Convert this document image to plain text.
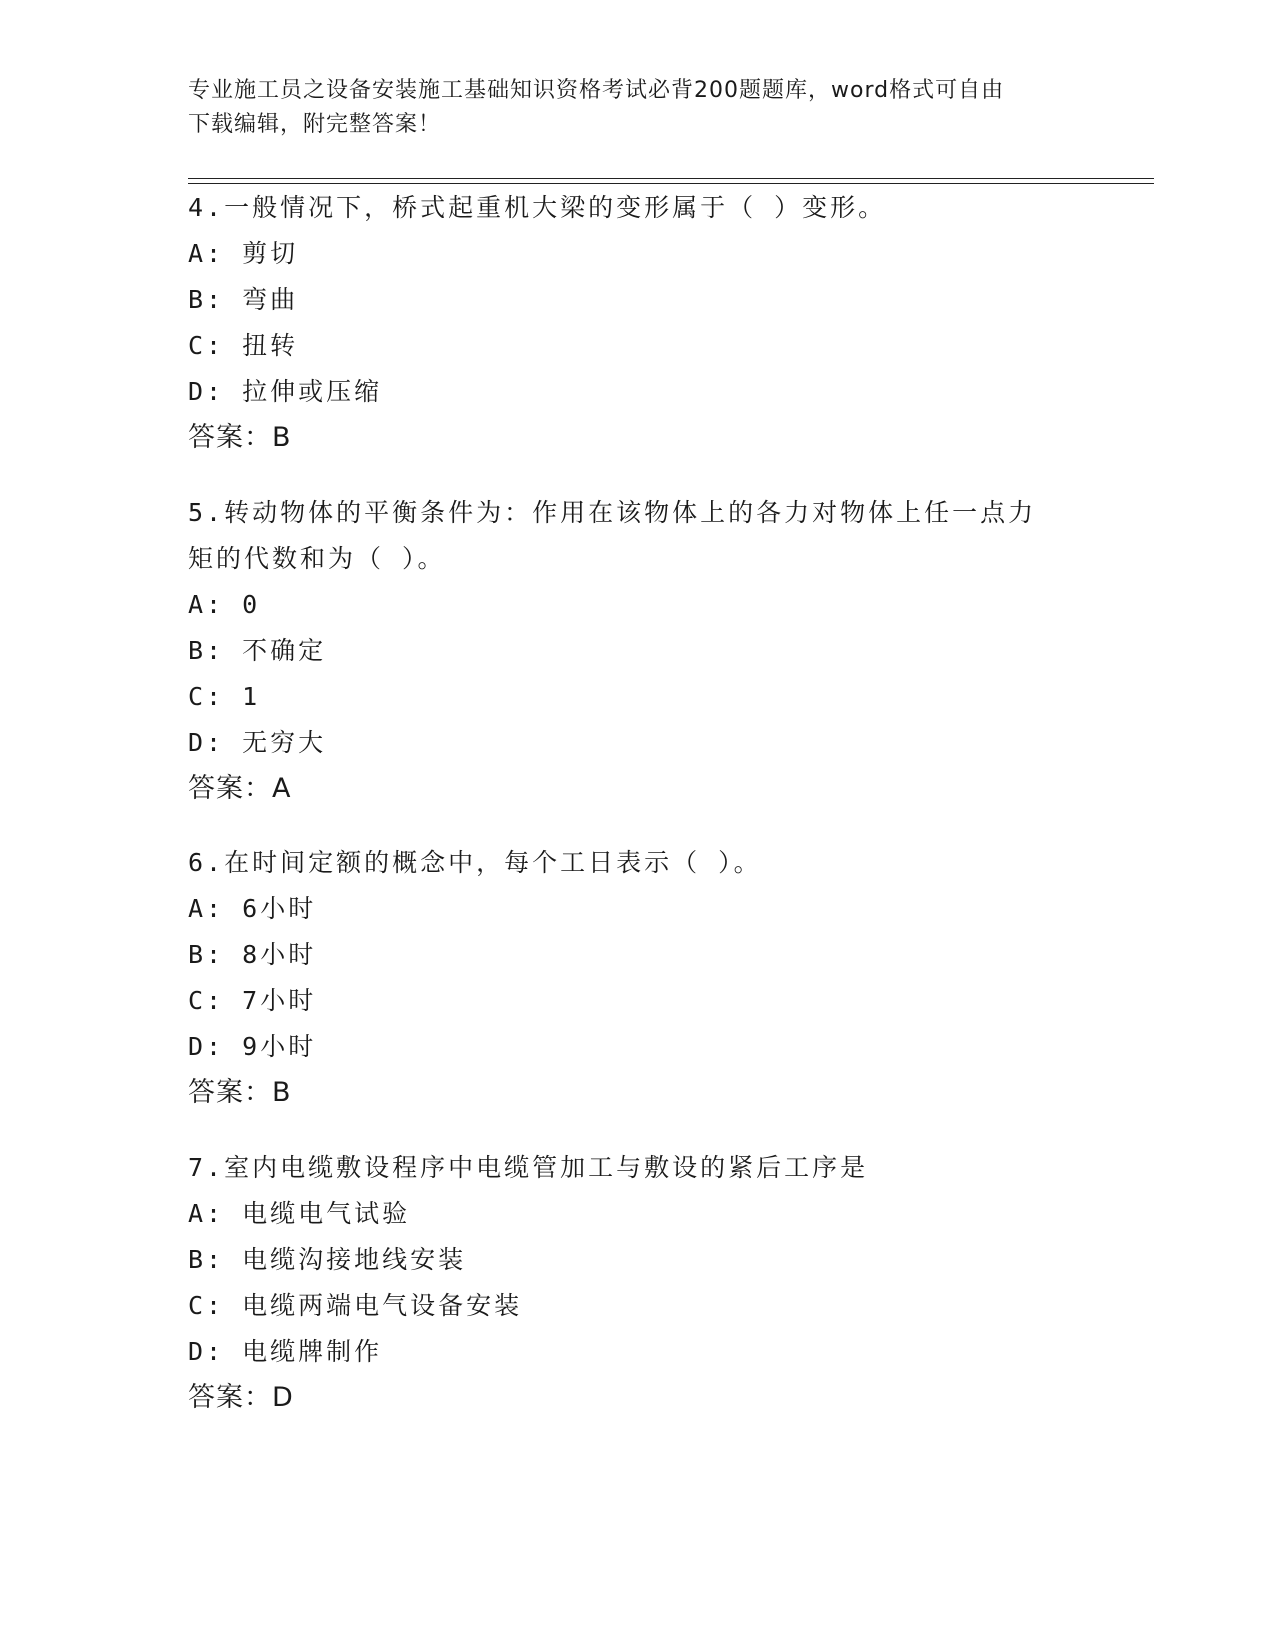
专业施工员之设备安装施工基础知识资格考试必背200题题库，word格式可自由
下载编辑，附完整答案！

4.一般情况下，桥式起重机大梁的变形属于（ ）变形。

A: 剪切

B: 弯曲

C: 扭转

D: 拉伸或压缩

答案：B

5.转动物体的平衡条件为：作用在该物体上的各力对物体上任一点力

矩的代数和为（ ）。

A: 0

B: 不确定

C: 1

D: 无穷大

答案：A

6.在时间定额的概念中，每个工日表示（ ）。

A: 6小时

B: 8小时

C: 7小时

D: 9小时

答案：B

7.室内电缆敷设程序中电缆管加工与敷设的紧后工序是

A: 电缆电气试验

B: 电缆沟接地线安装

C: 电缆两端电气设备安装

D: 电缆牌制作

答案：D
